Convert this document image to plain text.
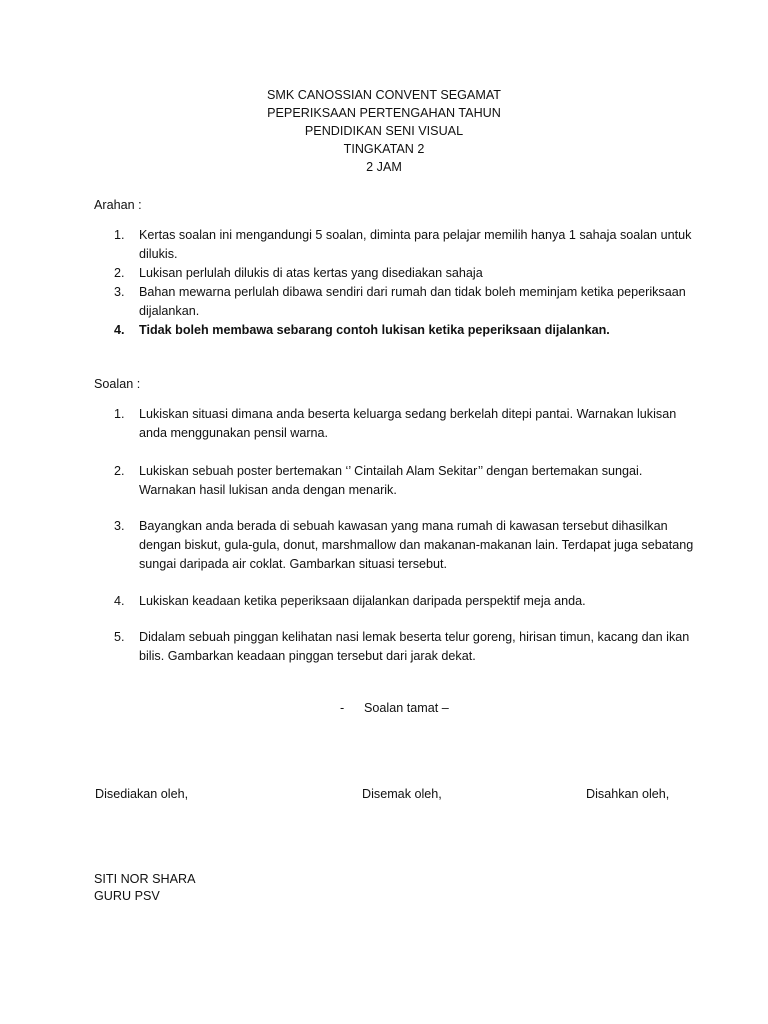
SMK CANOSSIAN CONVENT SEGAMAT
PEPERIKSAAN PERTENGAHAN TAHUN
PENDIDIKAN SENI VISUAL
TINGKATAN 2
2 JAM
Arahan :
1. Kertas soalan ini mengandungi 5 soalan, diminta para pelajar memilih hanya 1 sahaja soalan untuk dilukis.
2. Lukisan perlulah dilukis di atas kertas yang disediakan sahaja
3. Bahan mewarna perlulah dibawa sendiri dari rumah dan tidak boleh meminjam ketika peperiksaan dijalankan.
4. Tidak boleh membawa sebarang contoh lukisan ketika peperiksaan dijalankan.
Soalan :
1. Lukiskan situasi dimana anda beserta keluarga sedang berkelah ditepi pantai. Warnakan lukisan anda menggunakan pensil warna.
2. Lukiskan sebuah poster bertemakan ‘’ Cintailah Alam Sekitar’’ dengan bertemakan sungai. Warnakan hasil lukisan anda dengan menarik.
3. Bayangkan anda berada di sebuah kawasan yang mana rumah di kawasan tersebut dihasilkan dengan biskut, gula-gula, donut, marshmallow dan makanan-makanan lain. Terdapat juga sebatang sungai daripada air coklat. Gambarkan situasi tersebut.
4. Lukiskan keadaan ketika peperiksaan dijalankan daripada perspektif meja anda.
5. Didalam sebuah pinggan kelihatan nasi lemak beserta telur goreng, hirisan timun, kacang dan ikan bilis. Gambarkan keadaan pinggan tersebut dari jarak dekat.
- Soalan tamat –
Disediakan oleh,	Disemak oleh,	Disahkan oleh,
SITI NOR SHARA
GURU PSV
